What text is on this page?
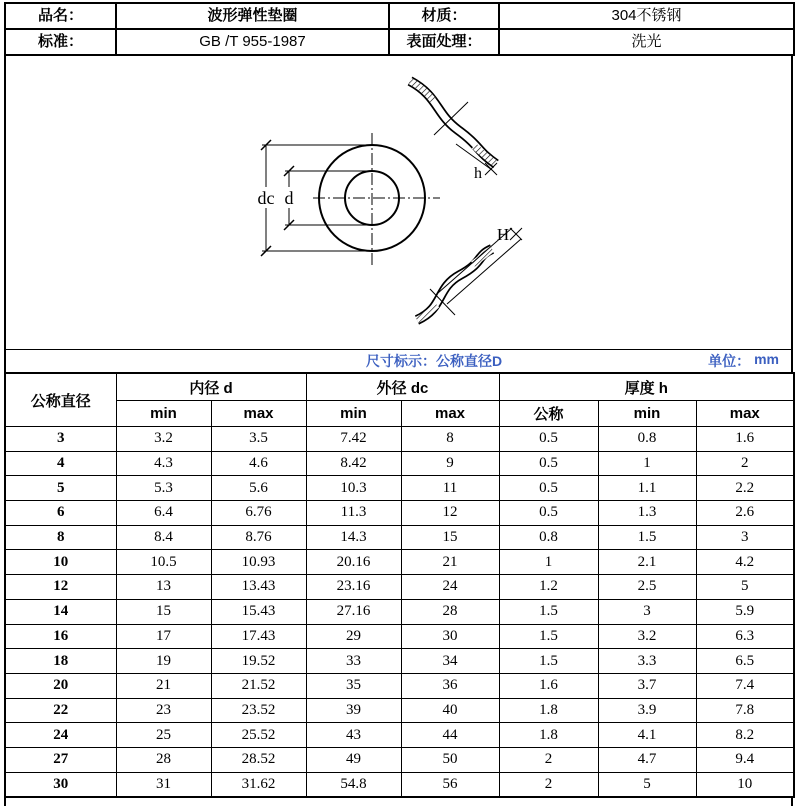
品名：	波形弹性垫圈	材质：	304不锈钢
标准：	GB /T 955-1987	表面处理：	洗光
dc d
h
H
尺寸标示：公称直径D	单位： mm
公称直径	内径 d		外径 dc		厚度 h		
	min	max	min	max	公称	min	max
3	3.2	3.5	7.42	8	0.5	0.8	1.6
4	4.3	4.6	8.42	9	0.5	1	2
5	5.3	5.6	10.3	11	0.5	1.1	2.2
6	6.4	6.76	11.3	12	0.5	1.3	2.6
8	8.4	8.76	14.3	15	0.8	1.5	3
10	10.5	10.93	20.16	21	1	2.1	4.2
12	13	13.43	23.16	24	1.2	2.5	5
14	15	15.43	27.16	28	1.5	3	5.9
16	17	17.43	29	30	1.5	3.2	6.3
18	19	19.52	33	34	1.5	3.3	6.5
20	21	21.52	35	36	1.6	3.7	7.4
22	23	23.52	39	40	1.8	3.9	7.8
24	25	25.52	43	44	1.8	4.1	8.2
27	28	28.52	49	50	2	4.7	9.4
30	31	31.62	54.8	56	2	5	10
